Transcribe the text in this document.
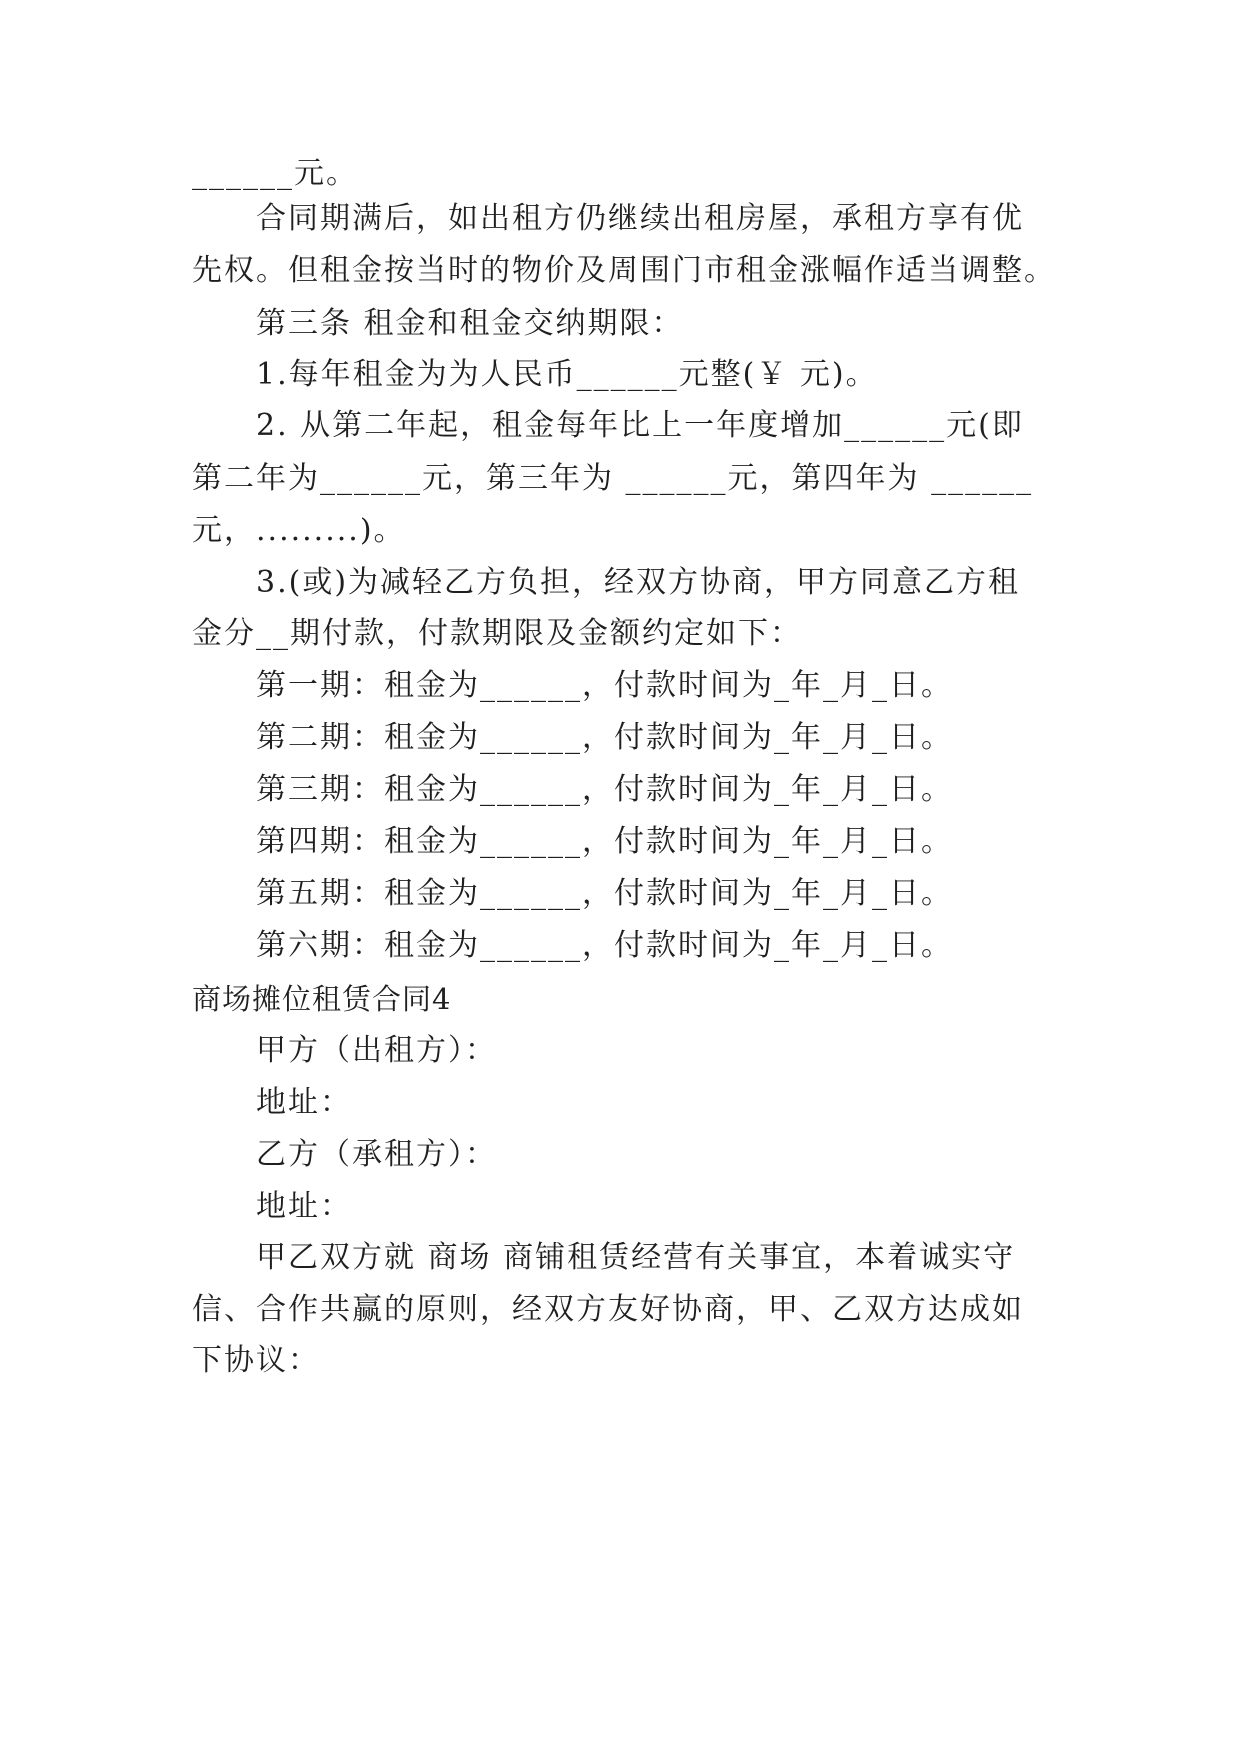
______元。
合同期满后，如出租方仍继续出租房屋，承租方享有优
先权。但租金按当时的物价及周围门市租金涨幅作适当调整。
第三条 租金和租金交纳期限：
1.每年租金为为人民币______元整(￥ 元)。
2. 从第二年起，租金每年比上一年度增加______元(即
第二年为______元，第三年为 ______元，第四年为 ______
元，.........)。
3.(或)为减轻乙方负担，经双方协商，甲方同意乙方租
金分__期付款，付款期限及金额约定如下：
第一期：租金为______，付款时间为_年_月_日。
第二期：租金为______，付款时间为_年_月_日。
第三期：租金为______，付款时间为_年_月_日。
第四期：租金为______，付款时间为_年_月_日。
第五期：租金为______，付款时间为_年_月_日。
第六期：租金为______，付款时间为_年_月_日。
商场摊位租赁合同4
甲方（出租方）：
地址：
乙方（承租方）：
地址：
甲乙双方就 商场 商铺租赁经营有关事宜，本着诚实守
信、合作共赢的原则，经双方友好协商，甲、乙双方达成如
下协议：
